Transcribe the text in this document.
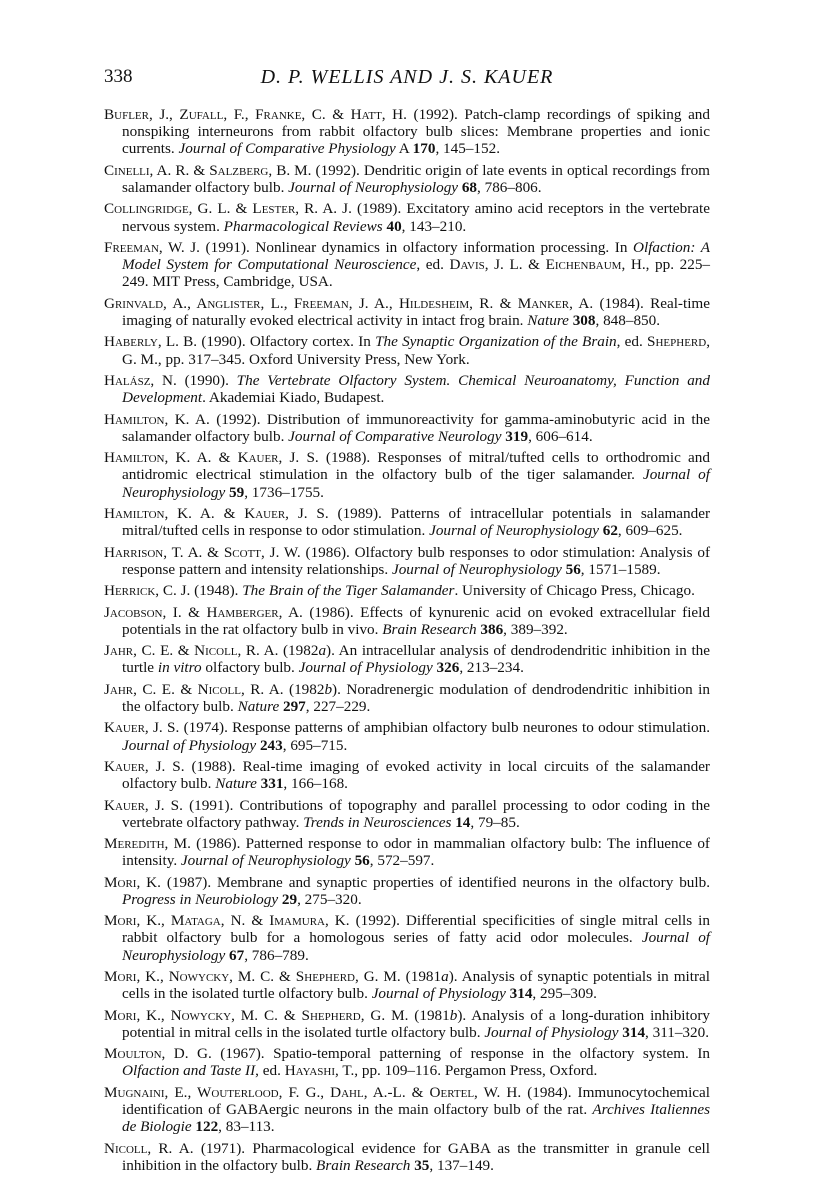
338	D. P. WELLIS AND J. S. KAUER

Bufler, J., Zufall, F., Franke, C. & Hatt, H. (1992). Patch-clamp recordings of spiking and nonspiking interneurons from rabbit olfactory bulb slices: Membrane properties and ionic currents. Journal of Comparative Physiology A 170, 145–152.

Cinelli, A. R. & Salzberg, B. M. (1992). Dendritic origin of late events in optical recordings from salamander olfactory bulb. Journal of Neurophysiology 68, 786–806.

Collingridge, G. L. & Lester, R. A. J. (1989). Excitatory amino acid receptors in the vertebrate nervous system. Pharmacological Reviews 40, 143–210.

Freeman, W. J. (1991). Nonlinear dynamics in olfactory information processing. In Olfaction: A Model System for Computational Neuroscience, ed. Davis, J. L. & Eichenbaum, H., pp. 225–249. MIT Press, Cambridge, USA.

Grinvald, A., Anglister, L., Freeman, J. A., Hildesheim, R. & Manker, A. (1984). Real-time imaging of naturally evoked electrical activity in intact frog brain. Nature 308, 848–850.

Haberly, L. B. (1990). Olfactory cortex. In The Synaptic Organization of the Brain, ed. Shepherd, G. M., pp. 317–345. Oxford University Press, New York.

Halász, N. (1990). The Vertebrate Olfactory System. Chemical Neuroanatomy, Function and Development. Akademiai Kiado, Budapest.

Hamilton, K. A. (1992). Distribution of immunoreactivity for gamma-aminobutyric acid in the salamander olfactory bulb. Journal of Comparative Neurology 319, 606–614.

Hamilton, K. A. & Kauer, J. S. (1988). Responses of mitral/tufted cells to orthodromic and antidromic electrical stimulation in the olfactory bulb of the tiger salamander. Journal of Neurophysiology 59, 1736–1755.

Hamilton, K. A. & Kauer, J. S. (1989). Patterns of intracellular potentials in salamander mitral/tufted cells in response to odor stimulation. Journal of Neurophysiology 62, 609–625.

Harrison, T. A. & Scott, J. W. (1986). Olfactory bulb responses to odor stimulation: Analysis of response pattern and intensity relationships. Journal of Neurophysiology 56, 1571–1589.

Herrick, C. J. (1948). The Brain of the Tiger Salamander. University of Chicago Press, Chicago.

Jacobson, I. & Hamberger, A. (1986). Effects of kynurenic acid on evoked extracellular field potentials in the rat olfactory bulb in vivo. Brain Research 386, 389–392.

Jahr, C. E. & Nicoll, R. A. (1982a). An intracellular analysis of dendrodendritic inhibition in the turtle in vitro olfactory bulb. Journal of Physiology 326, 213–234.

Jahr, C. E. & Nicoll, R. A. (1982b). Noradrenergic modulation of dendrodendritic inhibition in the olfactory bulb. Nature 297, 227–229.

Kauer, J. S. (1974). Response patterns of amphibian olfactory bulb neurones to odour stimulation. Journal of Physiology 243, 695–715.

Kauer, J. S. (1988). Real-time imaging of evoked activity in local circuits of the salamander olfactory bulb. Nature 331, 166–168.

Kauer, J. S. (1991). Contributions of topography and parallel processing to odor coding in the vertebrate olfactory pathway. Trends in Neurosciences 14, 79–85.

Meredith, M. (1986). Patterned response to odor in mammalian olfactory bulb: The influence of intensity. Journal of Neurophysiology 56, 572–597.

Mori, K. (1987). Membrane and synaptic properties of identified neurons in the olfactory bulb. Progress in Neurobiology 29, 275–320.

Mori, K., Mataga, N. & Imamura, K. (1992). Differential specificities of single mitral cells in rabbit olfactory bulb for a homologous series of fatty acid odor molecules. Journal of Neurophysiology 67, 786–789.

Mori, K., Nowycky, M. C. & Shepherd, G. M. (1981a). Analysis of synaptic potentials in mitral cells in the isolated turtle olfactory bulb. Journal of Physiology 314, 295–309.

Mori, K., Nowycky, M. C. & Shepherd, G. M. (1981b). Analysis of a long-duration inhibitory potential in mitral cells in the isolated turtle olfactory bulb. Journal of Physiology 314, 311–320.

Moulton, D. G. (1967). Spatio-temporal patterning of response in the olfactory system. In Olfaction and Taste II, ed. Hayashi, T., pp. 109–116. Pergamon Press, Oxford.

Mugnaini, E., Wouterlood, F. G., Dahl, A.-L. & Oertel, W. H. (1984). Immunocytochemical identification of GABAergic neurons in the main olfactory bulb of the rat. Archives Italiennes de Biologie 122, 83–113.

Nicoll, R. A. (1971). Pharmacological evidence for GABA as the transmitter in granule cell inhibition in the olfactory bulb. Brain Research 35, 137–149.
